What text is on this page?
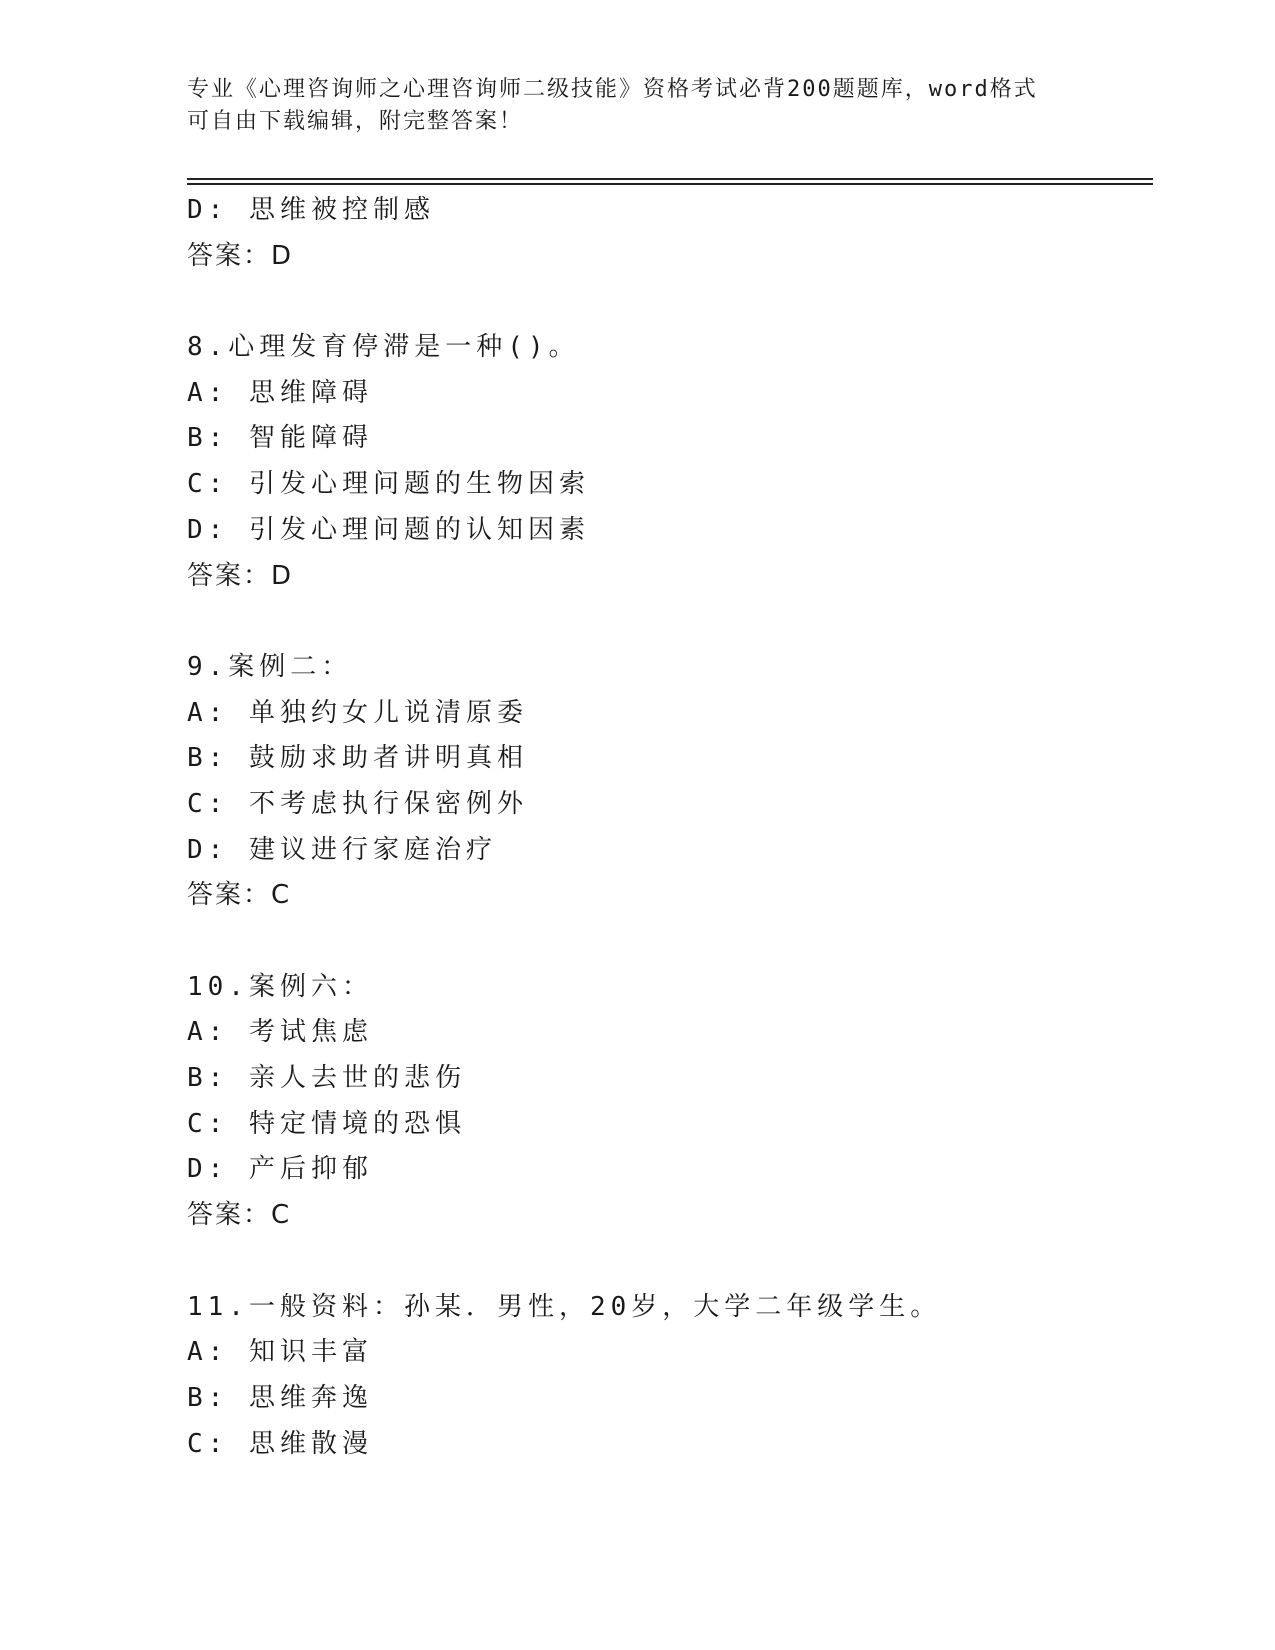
专业《心理咨询师之心理咨询师二级技能》资格考试必背200题题库，word格式
可自由下载编辑，附完整答案！
D: 思维被控制感
答案：D
8.心理发育停滞是一种()。
A: 思维障碍
B: 智能障碍
C: 引发心理问题的生物因索
D: 引发心理问题的认知因素
答案：D
9.案例二：
A: 单独约女儿说清原委
B: 鼓励求助者讲明真相
C: 不考虑执行保密例外
D: 建议进行家庭治疗
答案：C
10.案例六：
A: 考试焦虑
B: 亲人去世的悲伤
C: 特定情境的恐惧
D: 产后抑郁
答案：C
11.一般资料：孙某．男性，20岁，大学二年级学生。
A: 知识丰富
B: 思维奔逸
C: 思维散漫
